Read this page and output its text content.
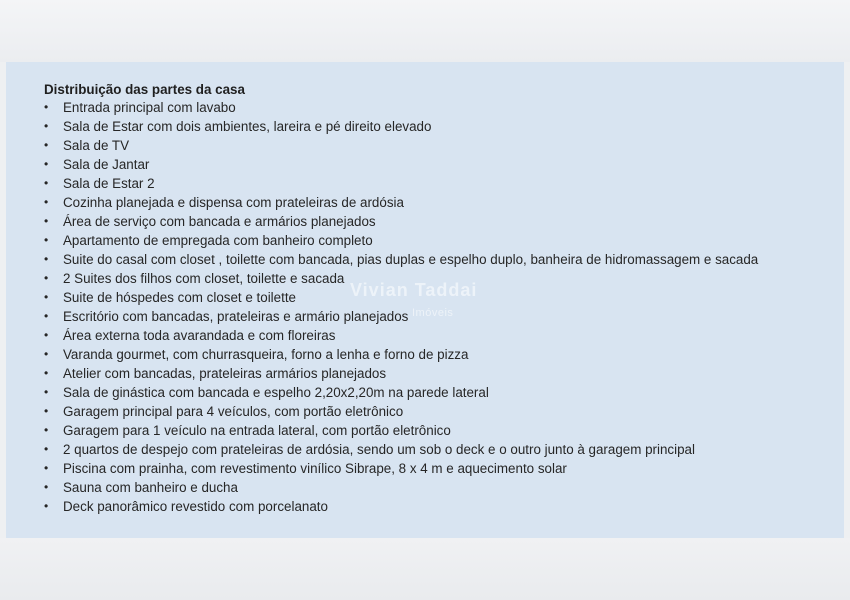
Distribuição das partes da casa
• Entrada principal com lavabo
• Sala de Estar com dois ambientes, lareira e pé direito elevado
• Sala de TV
• Sala de Jantar
• Sala de Estar 2
• Cozinha planejada e dispensa com prateleiras de ardósia
• Área de serviço com bancada e armários planejados
• Apartamento de empregada com banheiro completo
• Suite do casal com closet , toilette com bancada, pias duplas e espelho duplo, banheira de hidromassagem e sacada
• 2 Suites dos filhos com closet, toilette e sacada
• Suite de hóspedes com closet e toilette
• Escritório com bancadas, prateleiras e armário planejados
• Área externa toda avarandada e com floreiras
• Varanda gourmet, com churrasqueira, forno a lenha e forno de pizza
• Atelier com bancadas, prateleiras armários planejados
• Sala de ginástica com bancada e espelho 2,20x2,20m na parede lateral
• Garagem principal para 4 veículos, com portão eletrônico
• Garagem para 1 veículo na entrada lateral, com portão eletrônico
• 2 quartos de despejo com prateleiras de ardósia, sendo um sob o deck e o outro junto à garagem principal
• Piscina com prainha, com revestimento vinílico Sibrape, 8 x 4 m e aquecimento solar
• Sauna com banheiro e ducha
• Deck panorâmico revestido com porcelanato
Vivian Taddai
Imóveis
